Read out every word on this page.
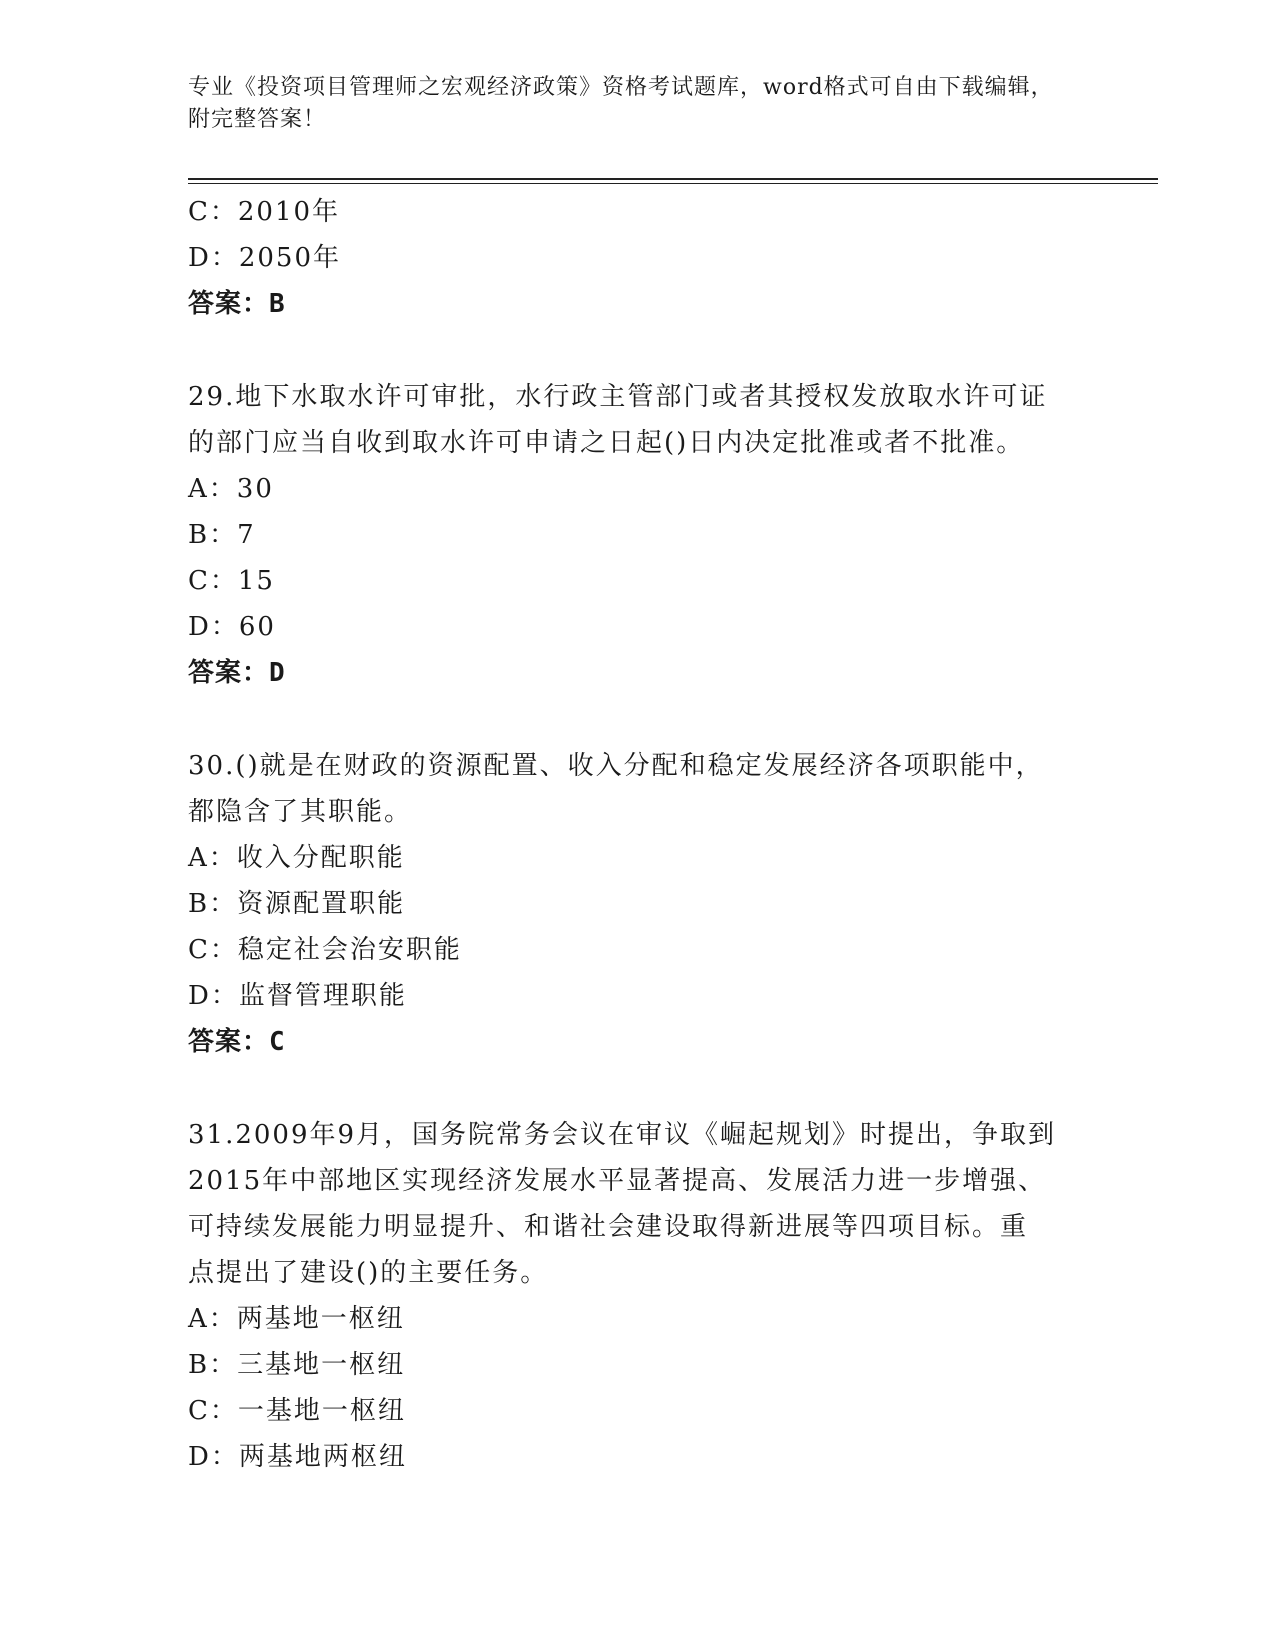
专业《投资项目管理师之宏观经济政策》资格考试题库，word格式可自由下载编辑，附完整答案！
C：2010年
D：2050年
答案：B
29.地下水取水许可审批，水行政主管部门或者其授权发放取水许可证
的部门应当自收到取水许可申请之日起()日内决定批准或者不批准。
A：30
B：7
C：15
D：60
答案：D
30.()就是在财政的资源配置、收入分配和稳定发展经济各项职能中，
都隐含了其职能。
A：收入分配职能
B：资源配置职能
C：稳定社会治安职能
D：监督管理职能
答案：C
31.2009年9月，国务院常务会议在审议《崛起规划》时提出，争取到
2015年中部地区实现经济发展水平显著提高、发展活力进一步增强、
可持续发展能力明显提升、和谐社会建设取得新进展等四项目标。重
点提出了建设()的主要任务。
A：两基地一枢纽
B：三基地一枢纽
C：一基地一枢纽
D：两基地两枢纽
